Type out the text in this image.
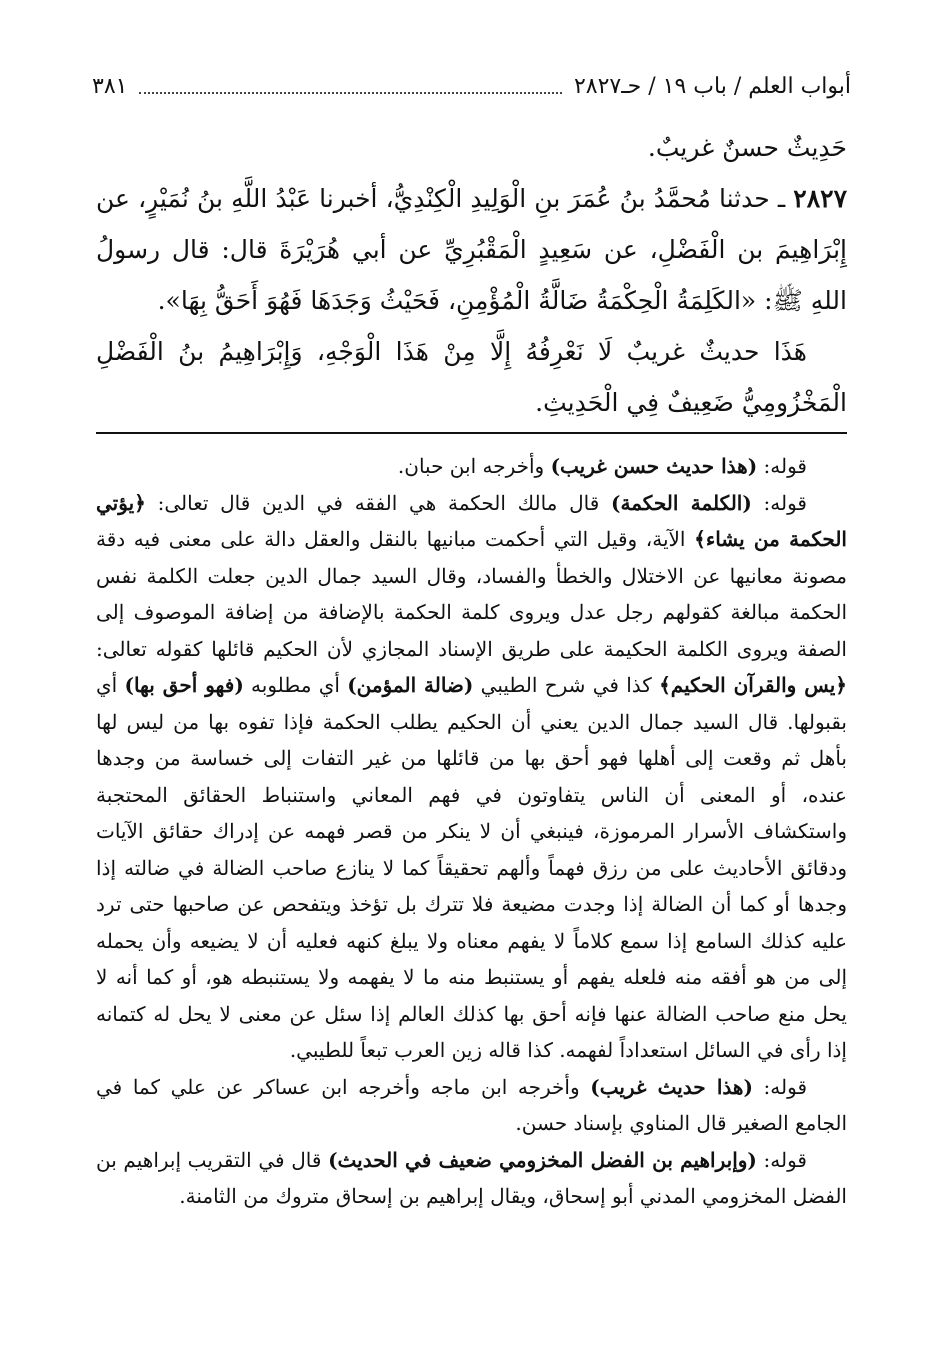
أبواب العلم / باب ١٩ / حـ٢٨٢٧
٣٨١

حَدِيثٌ حسنٌ غريبٌ.

٢٨٢٧ ـ حدثنا مُحمَّدُ بنُ عُمَرَ بنِ الْوَلِيدِ الْكِنْدِيُّ، أخبرنا عَبْدُ اللَّهِ بنُ نُمَيْرٍ، عن إِبْرَاهِيمَ بن الْفَضْلِ، عن سَعِيدٍ الْمَقْبُرِيِّ عن أبي هُرَيْرَةَ قال: قال رسولُ اللهِ ﷺ: «الكَلِمَةُ الْحِكْمَةُ ضَالَّةُ الْمُؤْمِنِ، فَحَيْثُ وَجَدَهَا فَهُوَ أَحَقُّ بِهَا».

هَذَا حديثٌ غريبٌ لَا نَعْرِفُهُ إِلَّا مِنْ هَذَا الْوَجْهِ، وَإِبْرَاهِيمُ بنُ الْفَضْلِ الْمَخْزُومِيُّ ضَعِيفٌ فِي الْحَدِيثِ.

قوله: (هذا حديث حسن غريب) وأخرجه ابن حبان.

قوله: (الكلمة الحكمة) قال مالك الحكمة هي الفقه في الدين قال تعالى: ﴿يؤتي الحكمة من يشاء﴾ الآية، وقيل التي أحكمت مبانيها بالنقل والعقل دالة على معنى فيه دقة مصونة معانيها عن الاختلال والخطأ والفساد، وقال السيد جمال الدين جعلت الكلمة نفس الحكمة مبالغة كقولهم رجل عدل ويروى كلمة الحكمة بالإضافة من إضافة الموصوف إلى الصفة ويروى الكلمة الحكيمة على طريق الإسناد المجازي لأن الحكيم قائلها كقوله تعالى: ﴿يس والقرآن الحكيم﴾ كذا في شرح الطيبي (ضالة المؤمن) أي مطلوبه (فهو أحق بها) أي بقبولها. قال السيد جمال الدين يعني أن الحكيم يطلب الحكمة فإذا تفوه بها من ليس لها بأهل ثم وقعت إلى أهلها فهو أحق بها من قائلها من غير التفات إلى خساسة من وجدها عنده، أو المعنى أن الناس يتفاوتون في فهم المعاني واستنباط الحقائق المحتجبة واستكشاف الأسرار المرموزة، فينبغي أن لا ينكر من قصر فهمه عن إدراك حقائق الآيات ودقائق الأحاديث على من رزق فهماً وألهم تحقيقاً كما لا ينازع صاحب الضالة في ضالته إذا وجدها أو كما أن الضالة إذا وجدت مضيعة فلا تترك بل تؤخذ ويتفحص عن صاحبها حتى ترد عليه كذلك السامع إذا سمع كلاماً لا يفهم معناه ولا يبلغ كنهه فعليه أن لا يضيعه وأن يحمله إلى من هو أفقه منه فلعله يفهم أو يستنبط منه ما لا يفهمه ولا يستنبطه هو، أو كما أنه لا يحل منع صاحب الضالة عنها فإنه أحق بها كذلك العالم إذا سئل عن معنى لا يحل له كتمانه إذا رأى في السائل استعداداً لفهمه. كذا قاله زين العرب تبعاً للطيبي.

قوله: (هذا حديث غريب) وأخرجه ابن ماجه وأخرجه ابن عساكر عن علي كما في الجامع الصغير قال المناوي بإسناد حسن.

قوله: (وإبراهيم بن الفضل المخزومي ضعيف في الحديث) قال في التقريب إبراهيم بن الفضل المخزومي المدني أبو إسحاق، ويقال إبراهيم بن إسحاق متروك من الثامنة.
